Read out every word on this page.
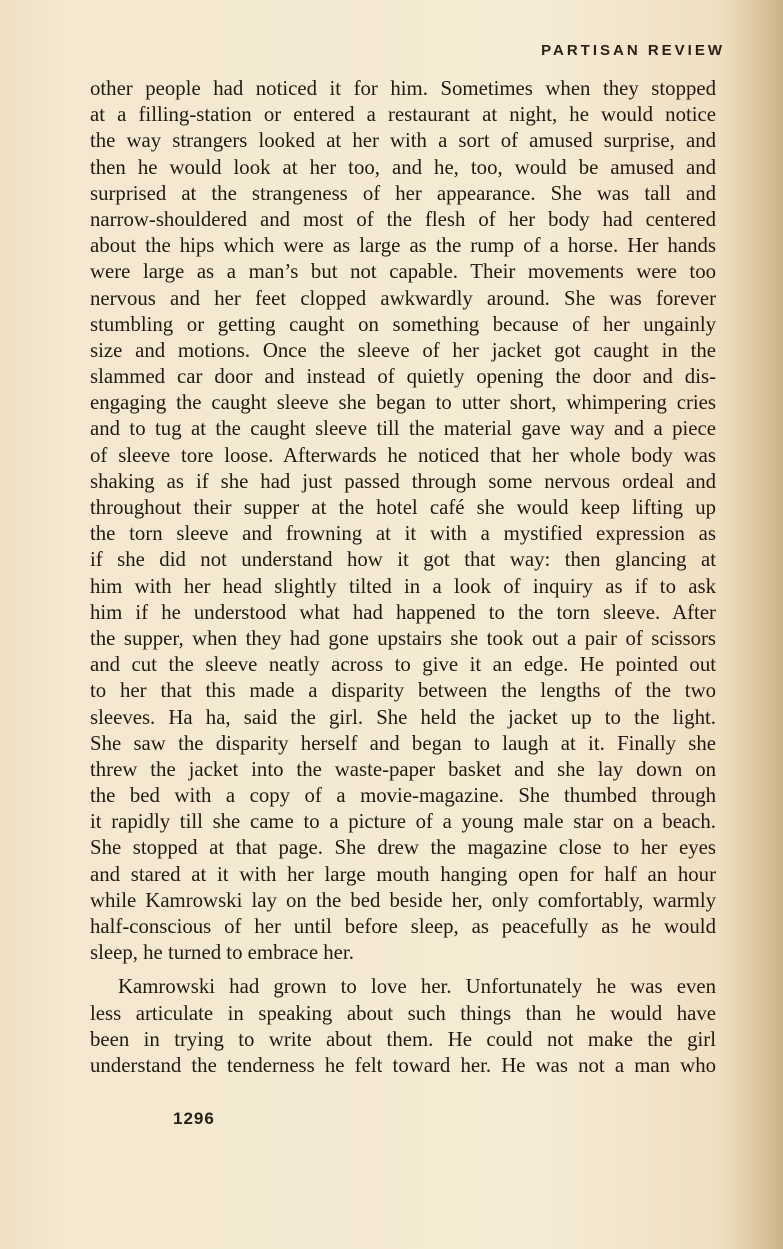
PARTISAN REVIEW
other people had noticed it for him. Sometimes when they stopped
at a filling-station or entered a restaurant at night, he would notice
the way strangers looked at her with a sort of amused surprise, and
then he would look at her too, and he, too, would be amused and
surprised at the strangeness of her appearance. She was tall and
narrow-shouldered and most of the flesh of her body had centered
about the hips which were as large as the rump of a horse. Her hands
were large as a man’s but not capable. Their movements were too
nervous and her feet clopped awkwardly around. She was forever
stumbling or getting caught on something because of her ungainly
size and motions. Once the sleeve of her jacket got caught in the
slammed car door and instead of quietly opening the door and dis-
engaging the caught sleeve she began to utter short, whimpering cries
and to tug at the caught sleeve till the material gave way and a piece
of sleeve tore loose. Afterwards he noticed that her whole body was
shaking as if she had just passed through some nervous ordeal and
throughout their supper at the hotel café she would keep lifting up
the torn sleeve and frowning at it with a mystified expression as
if she did not understand how it got that way: then glancing at
him with her head slightly tilted in a look of inquiry as if to ask
him if he understood what had happened to the torn sleeve. After
the supper, when they had gone upstairs she took out a pair of scissors
and cut the sleeve neatly across to give it an edge. He pointed out
to her that this made a disparity between the lengths of the two
sleeves. Ha ha, said the girl. She held the jacket up to the light.
She saw the disparity herself and began to laugh at it. Finally she
threw the jacket into the waste-paper basket and she lay down on
the bed with a copy of a movie-magazine. She thumbed through
it rapidly till she came to a picture of a young male star on a beach.
She stopped at that page. She drew the magazine close to her eyes
and stared at it with her large mouth hanging open for half an hour
while Kamrowski lay on the bed beside her, only comfortably, warmly
half-conscious of her until before sleep, as peacefully as he would
sleep, he turned to embrace her.
Kamrowski had grown to love her. Unfortunately he was even
less articulate in speaking about such things than he would have
been in trying to write about them. He could not make the girl
understand the tenderness he felt toward her. He was not a man who
1296
